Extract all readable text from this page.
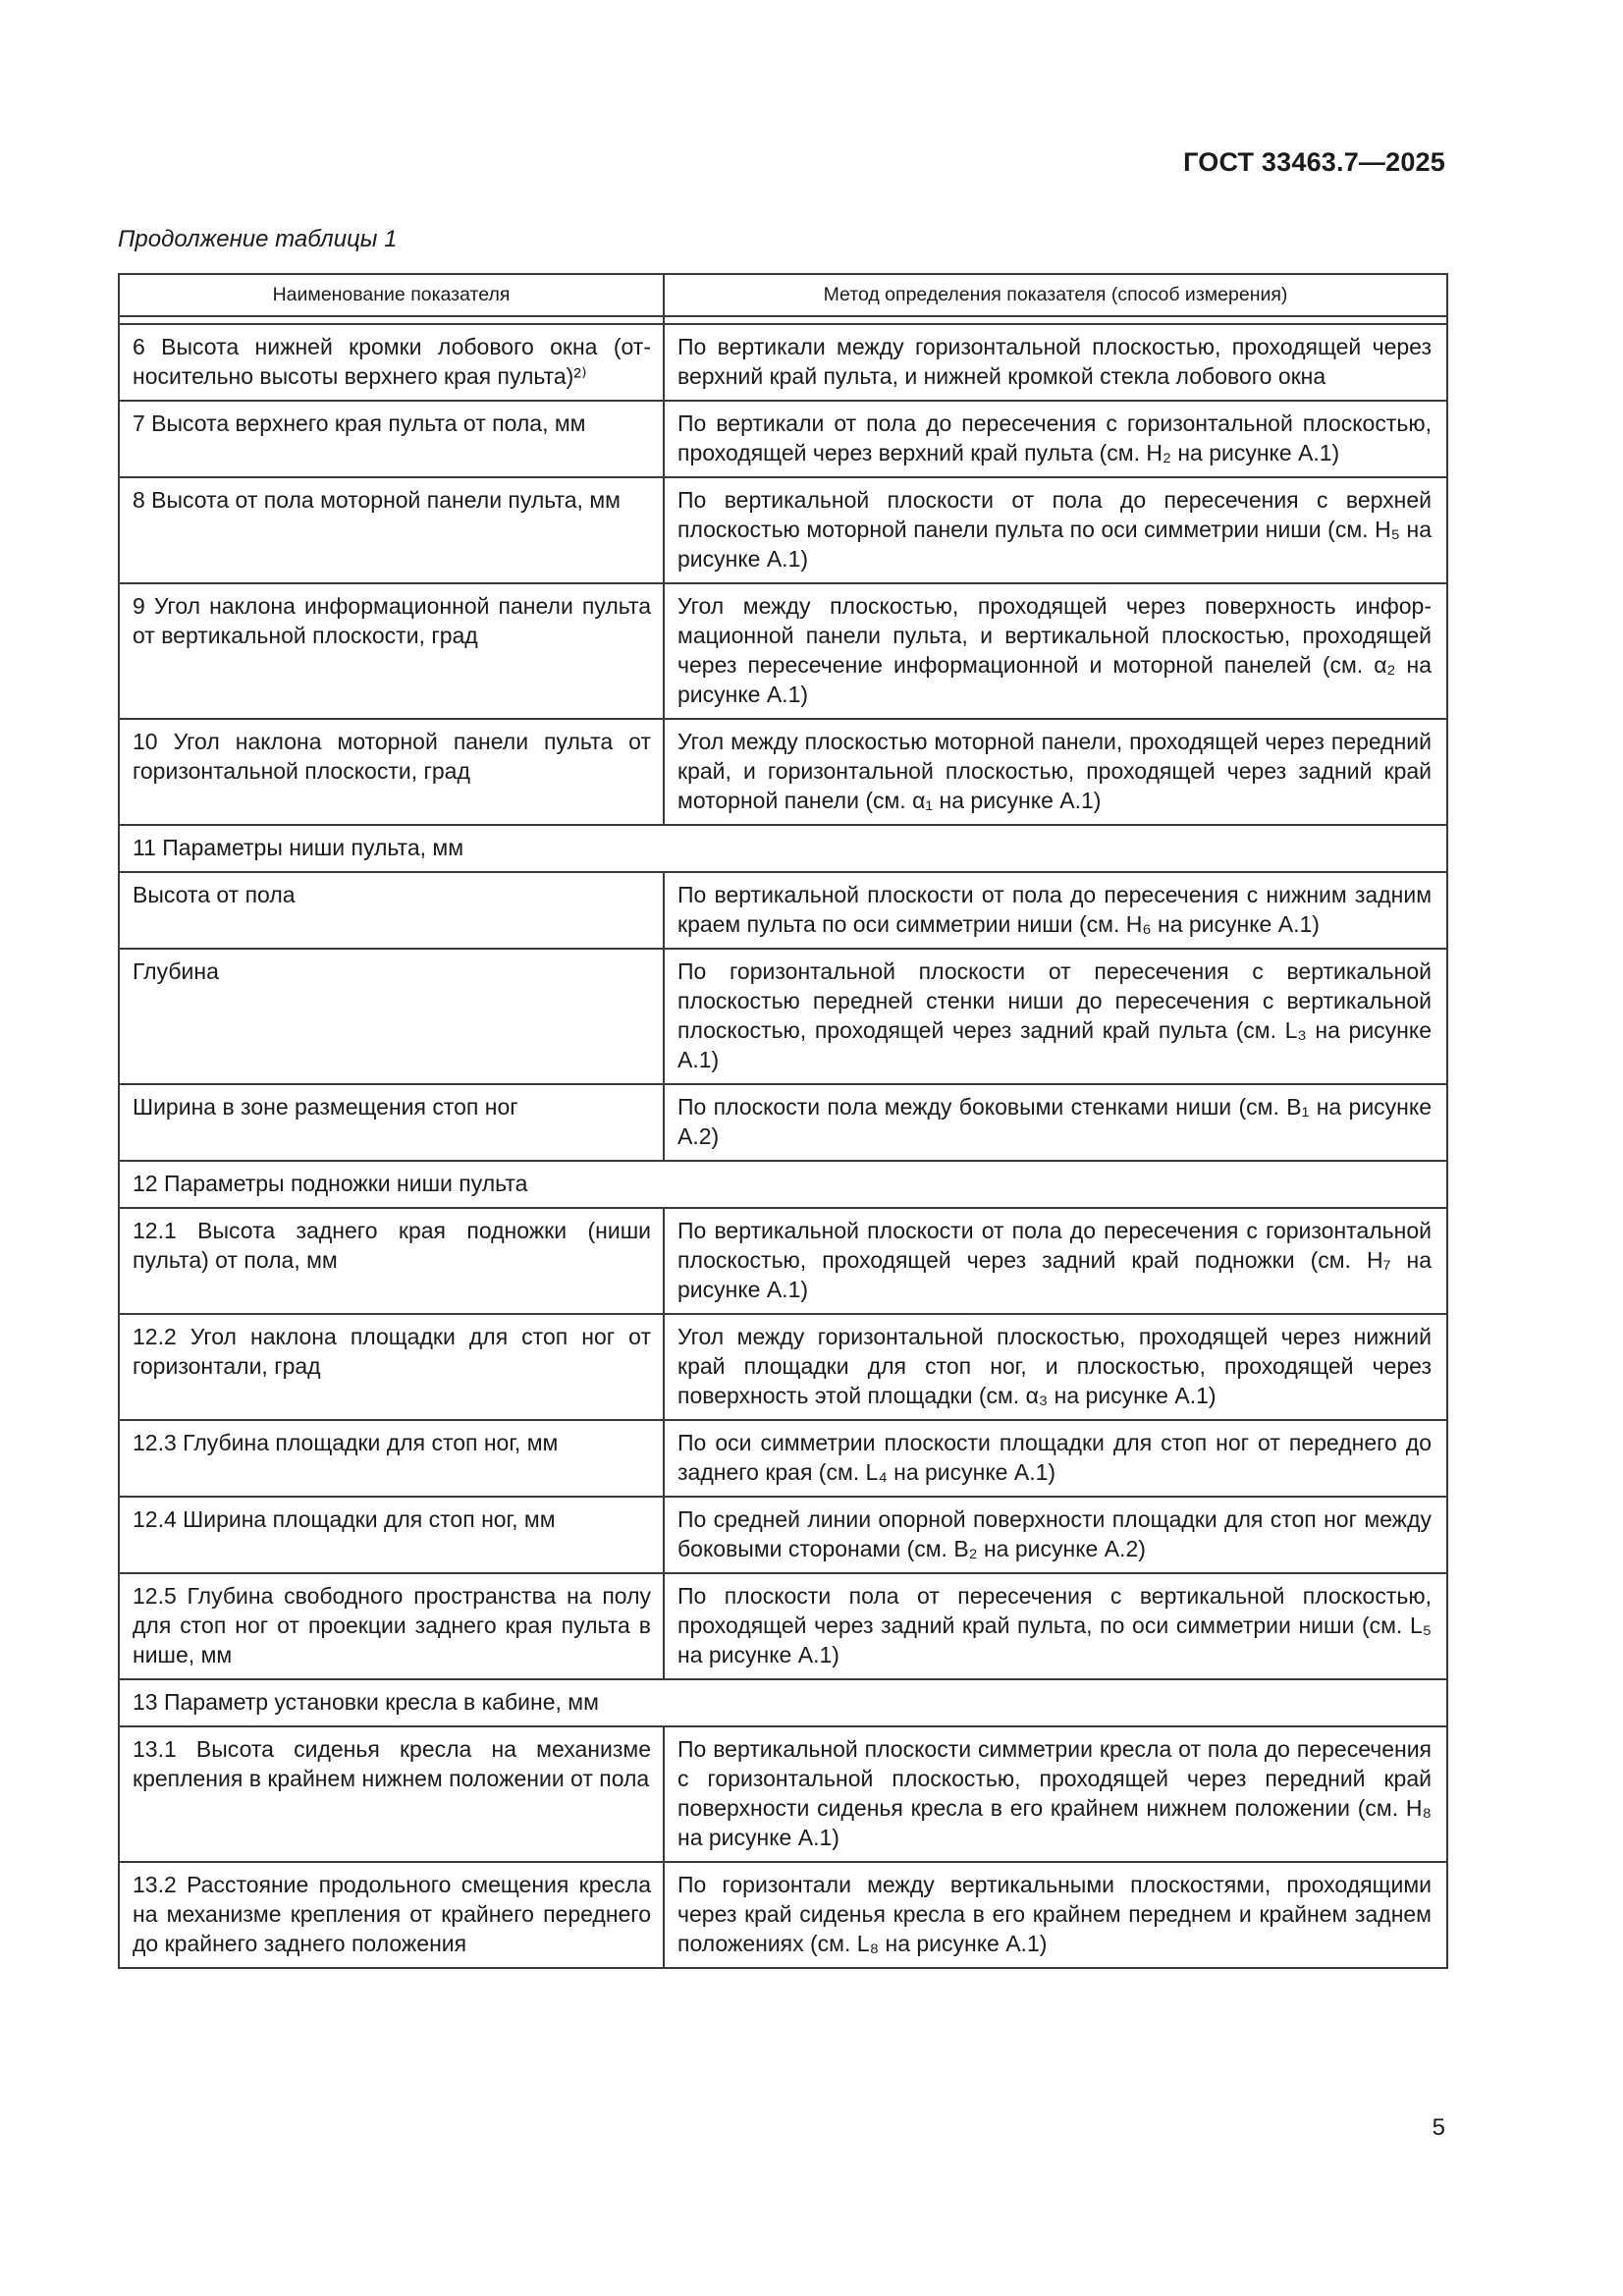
ГОСТ 33463.7—2025
Продолжение таблицы 1
Наименование показателя	Метод определения показателя (способ измерения)

6 Высота нижней кромки лобового окна (относительно высоты верхнего края пульта)²⁾	По вертикали между горизонтальной плоскостью, проходящей через верхний край пульта, и нижней кромкой стекла лобового окна
7 Высота верхнего края пульта от пола, мм	По вертикали от пола до пересечения с горизонтальной плоскостью, проходящей через верхний край пульта (см. H₂ на рисунке А.1)
8 Высота от пола моторной панели пульта, мм	По вертикальной плоскости от пола до пересечения с верхней плоскостью моторной панели пульта по оси симметрии ниши (см. H₅ на рисунке А.1)
9 Угол наклона информационной панели пульта от вертикальной плоскости, град	Угол между плоскостью, проходящей через поверхность информационной панели пульта, и вертикальной плоскостью, проходящей через пересечение информационной и моторной панелей (см. α₂ на рисунке А.1)
10 Угол наклона моторной панели пульта от горизонтальной плоскости, град	Угол между плоскостью моторной панели, проходящей через передний край, и горизонтальной плоскостью, проходящей через задний край моторной панели (см. α₁ на рисунке А.1)
11 Параметры ниши пульта, мм	
Высота от пола	По вертикальной плоскости от пола до пересечения с нижним задним краем пульта по оси симметрии ниши (см. H₆ на рисунке А.1)
Глубина	По горизонтальной плоскости от пересечения с вертикальной плоскостью передней стенки ниши до пересечения с вертикальной плоскостью, проходящей через задний край пульта (см. L₃ на рисунке А.1)
Ширина в зоне размещения стоп ног	По плоскости пола между боковыми стенками ниши (см. B₁ на рисунке А.2)
12 Параметры подножки ниши пульта	
12.1 Высота заднего края подножки (ниши пульта) от пола, мм	По вертикальной плоскости от пола до пересечения с горизонтальной плоскостью, проходящей через задний край подножки (см. H₇ на рисунке А.1)
12.2 Угол наклона площадки для стоп ног от горизонтали, град	Угол между горизонтальной плоскостью, проходящей через нижний край площадки для стоп ног, и плоскостью, проходящей через поверхность этой площадки (см. α₃ на рисунке А.1)
12.3 Глубина площадки для стоп ног, мм	По оси симметрии плоскости площадки для стоп ног от переднего до заднего края (см. L₄ на рисунке А.1)
12.4 Ширина площадки для стоп ног, мм	По средней линии опорной поверхности площадки для стоп ног между боковыми сторонами (см. B₂ на рисунке А.2)
12.5 Глубина свободного пространства на полу для стоп ног от проекции заднего края пульта в нише, мм	По плоскости пола от пересечения с вертикальной плоскостью, проходящей через задний край пульта, по оси симметрии ниши (см. L₅ на рисунке А.1)
13 Параметр установки кресла в кабине, мм	
13.1 Высота сиденья кресла на механизме крепления в крайнем нижнем положении от пола	По вертикальной плоскости симметрии кресла от пола до пересечения с горизонтальной плоскостью, проходящей через передний край поверхности сиденья кресла в его крайнем нижнем положении (см. H₈ на рисунке А.1)
13.2 Расстояние продольного смещения кресла на механизме крепления от крайнего переднего до крайнего заднего положения	По горизонтали между вертикальными плоскостями, проходящими через край сиденья кресла в его крайнем переднем и крайнем заднем положениях (см. L₈ на рисунке А.1)
5
